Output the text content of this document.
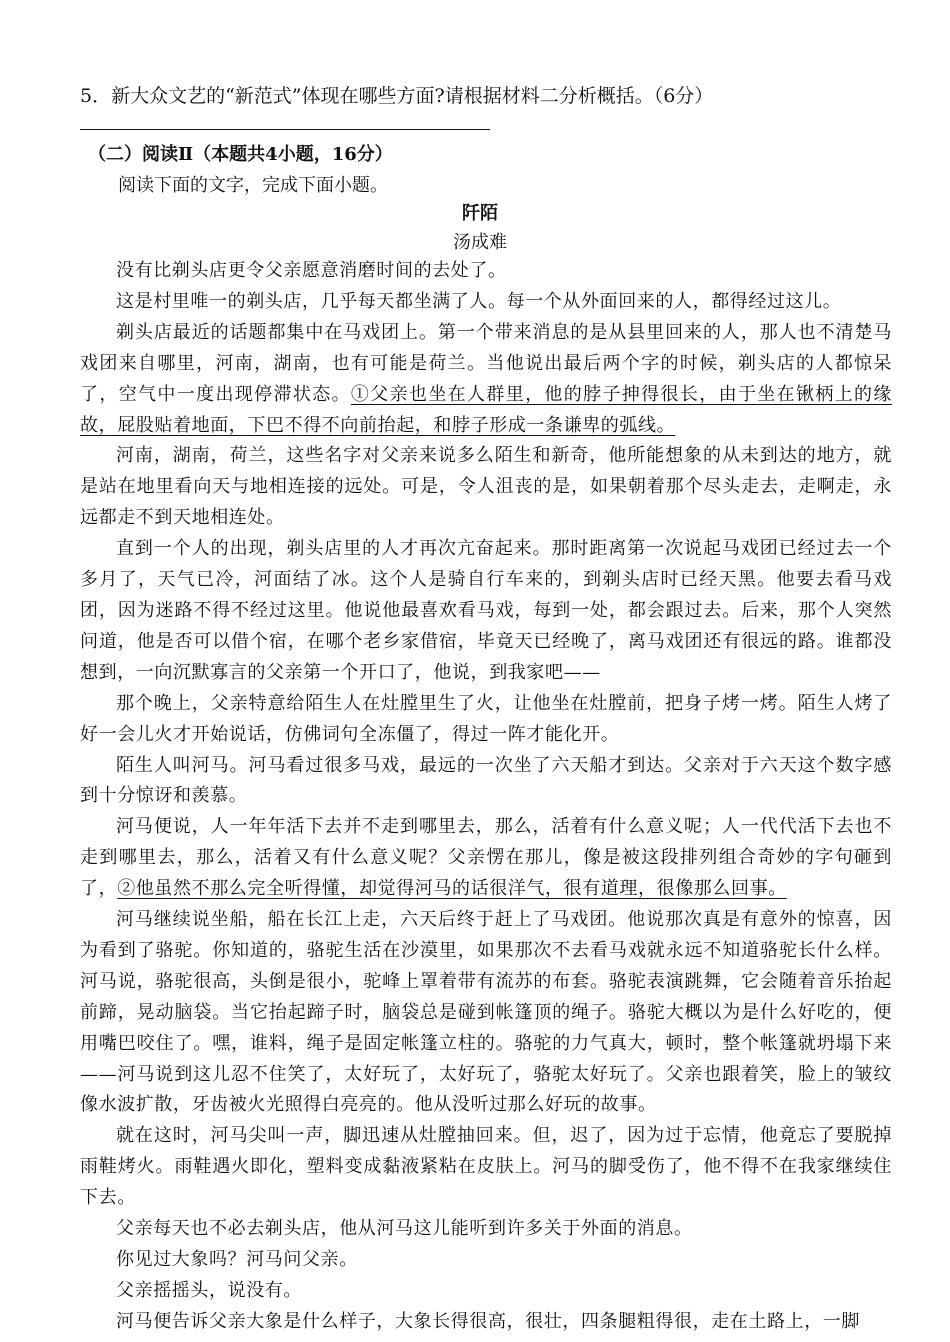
5．新大众文艺的“新范式”体现在哪些方面?请根据材料二分析概括。（6分）
（二）阅读Ⅱ（本题共4小题，16分）
阅读下面的文字，完成下面小题。
阡陌
汤成难

没有比剃头店更令父亲愿意消磨时间的去处了。

这是村里唯一的剃头店，几乎每天都坐满了人。每一个从外面回来的人，都得经过这儿。

剃头店最近的话题都集中在马戏团上。第一个带来消息的是从县里回来的人，那人也不清楚马戏团来自哪里，河南，湖南，也有可能是荷兰。当他说出最后两个字的时候，剃头店的人都惊呆了，空气中一度出现停滞状态。①父亲也坐在人群里，他的脖子抻得很长，由于坐在锹柄上的缘故，屁股贴着地面，下巴不得不向前抬起，和脖子形成一条谦卑的弧线。

河南，湖南，荷兰，这些名字对父亲来说多么陌生和新奇，他所能想象的从未到达的地方，就是站在地里看向天与地相连接的远处。可是，令人沮丧的是，如果朝着那个尽头走去，走啊走，永远都走不到天地相连处。

直到一个人的出现，剃头店里的人才再次亢奋起来。那时距离第一次说起马戏团已经过去一个多月了，天气已冷，河面结了冰。这个人是骑自行车来的，到剃头店时已经天黑。他要去看马戏团，因为迷路不得不经过这里。他说他最喜欢看马戏，每到一处，都会跟过去。后来，那个人突然问道，他是否可以借个宿，在哪个老乡家借宿，毕竟天已经晚了，离马戏团还有很远的路。谁都没想到，一向沉默寡言的父亲第一个开口了，他说，到我家吧——

那个晚上，父亲特意给陌生人在灶膛里生了火，让他坐在灶膛前，把身子烤一烤。陌生人烤了好一会儿火才开始说话，仿佛词句全冻僵了，得过一阵才能化开。

陌生人叫河马。河马看过很多马戏，最远的一次坐了六天船才到达。父亲对于六天这个数字感到十分惊讶和羡慕。

河马便说，人一年年活下去并不走到哪里去，那么，活着有什么意义呢；人一代代活下去也不走到哪里去，那么，活着又有什么意义呢？父亲愣在那儿，像是被这段排列组合奇妙的字句砸到了，②他虽然不那么完全听得懂，却觉得河马的话很洋气，很有道理，很像那么回事。

河马继续说坐船，船在长江上走，六天后终于赶上了马戏团。他说那次真是有意外的惊喜，因为看到了骆驼。你知道的，骆驼生活在沙漠里，如果那次不去看马戏就永远不知道骆驼长什么样。河马说，骆驼很高，头倒是很小，驼峰上罩着带有流苏的布套。骆驼表演跳舞，它会随着音乐抬起前蹄，晃动脑袋。当它抬起蹄子时，脑袋总是碰到帐篷顶的绳子。骆驼大概以为是什么好吃的，便用嘴巴咬住了。嘿，谁料，绳子是固定帐篷立柱的。骆驼的力气真大，顿时，整个帐篷就坍塌下来——河马说到这儿忍不住笑了，太好玩了，太好玩了，骆驼太好玩了。父亲也跟着笑，脸上的皱纹像水波扩散，牙齿被火光照得白亮亮的。他从没听过那么好玩的故事。

就在这时，河马尖叫一声，脚迅速从灶膛抽回来。但，迟了，因为过于忘情，他竟忘了要脱掉雨鞋烤火。雨鞋遇火即化，塑料变成黏液紧粘在皮肤上。河马的脚受伤了，他不得不在我家继续住下去。

父亲每天也不必去剃头店，他从河马这儿能听到许多关于外面的消息。

你见过大象吗？河马问父亲。

父亲摇摇头，说没有。

河马便告诉父亲大象是什么样子，大象长得很高，很壮，四条腿粗得很，走在土路上，一脚
